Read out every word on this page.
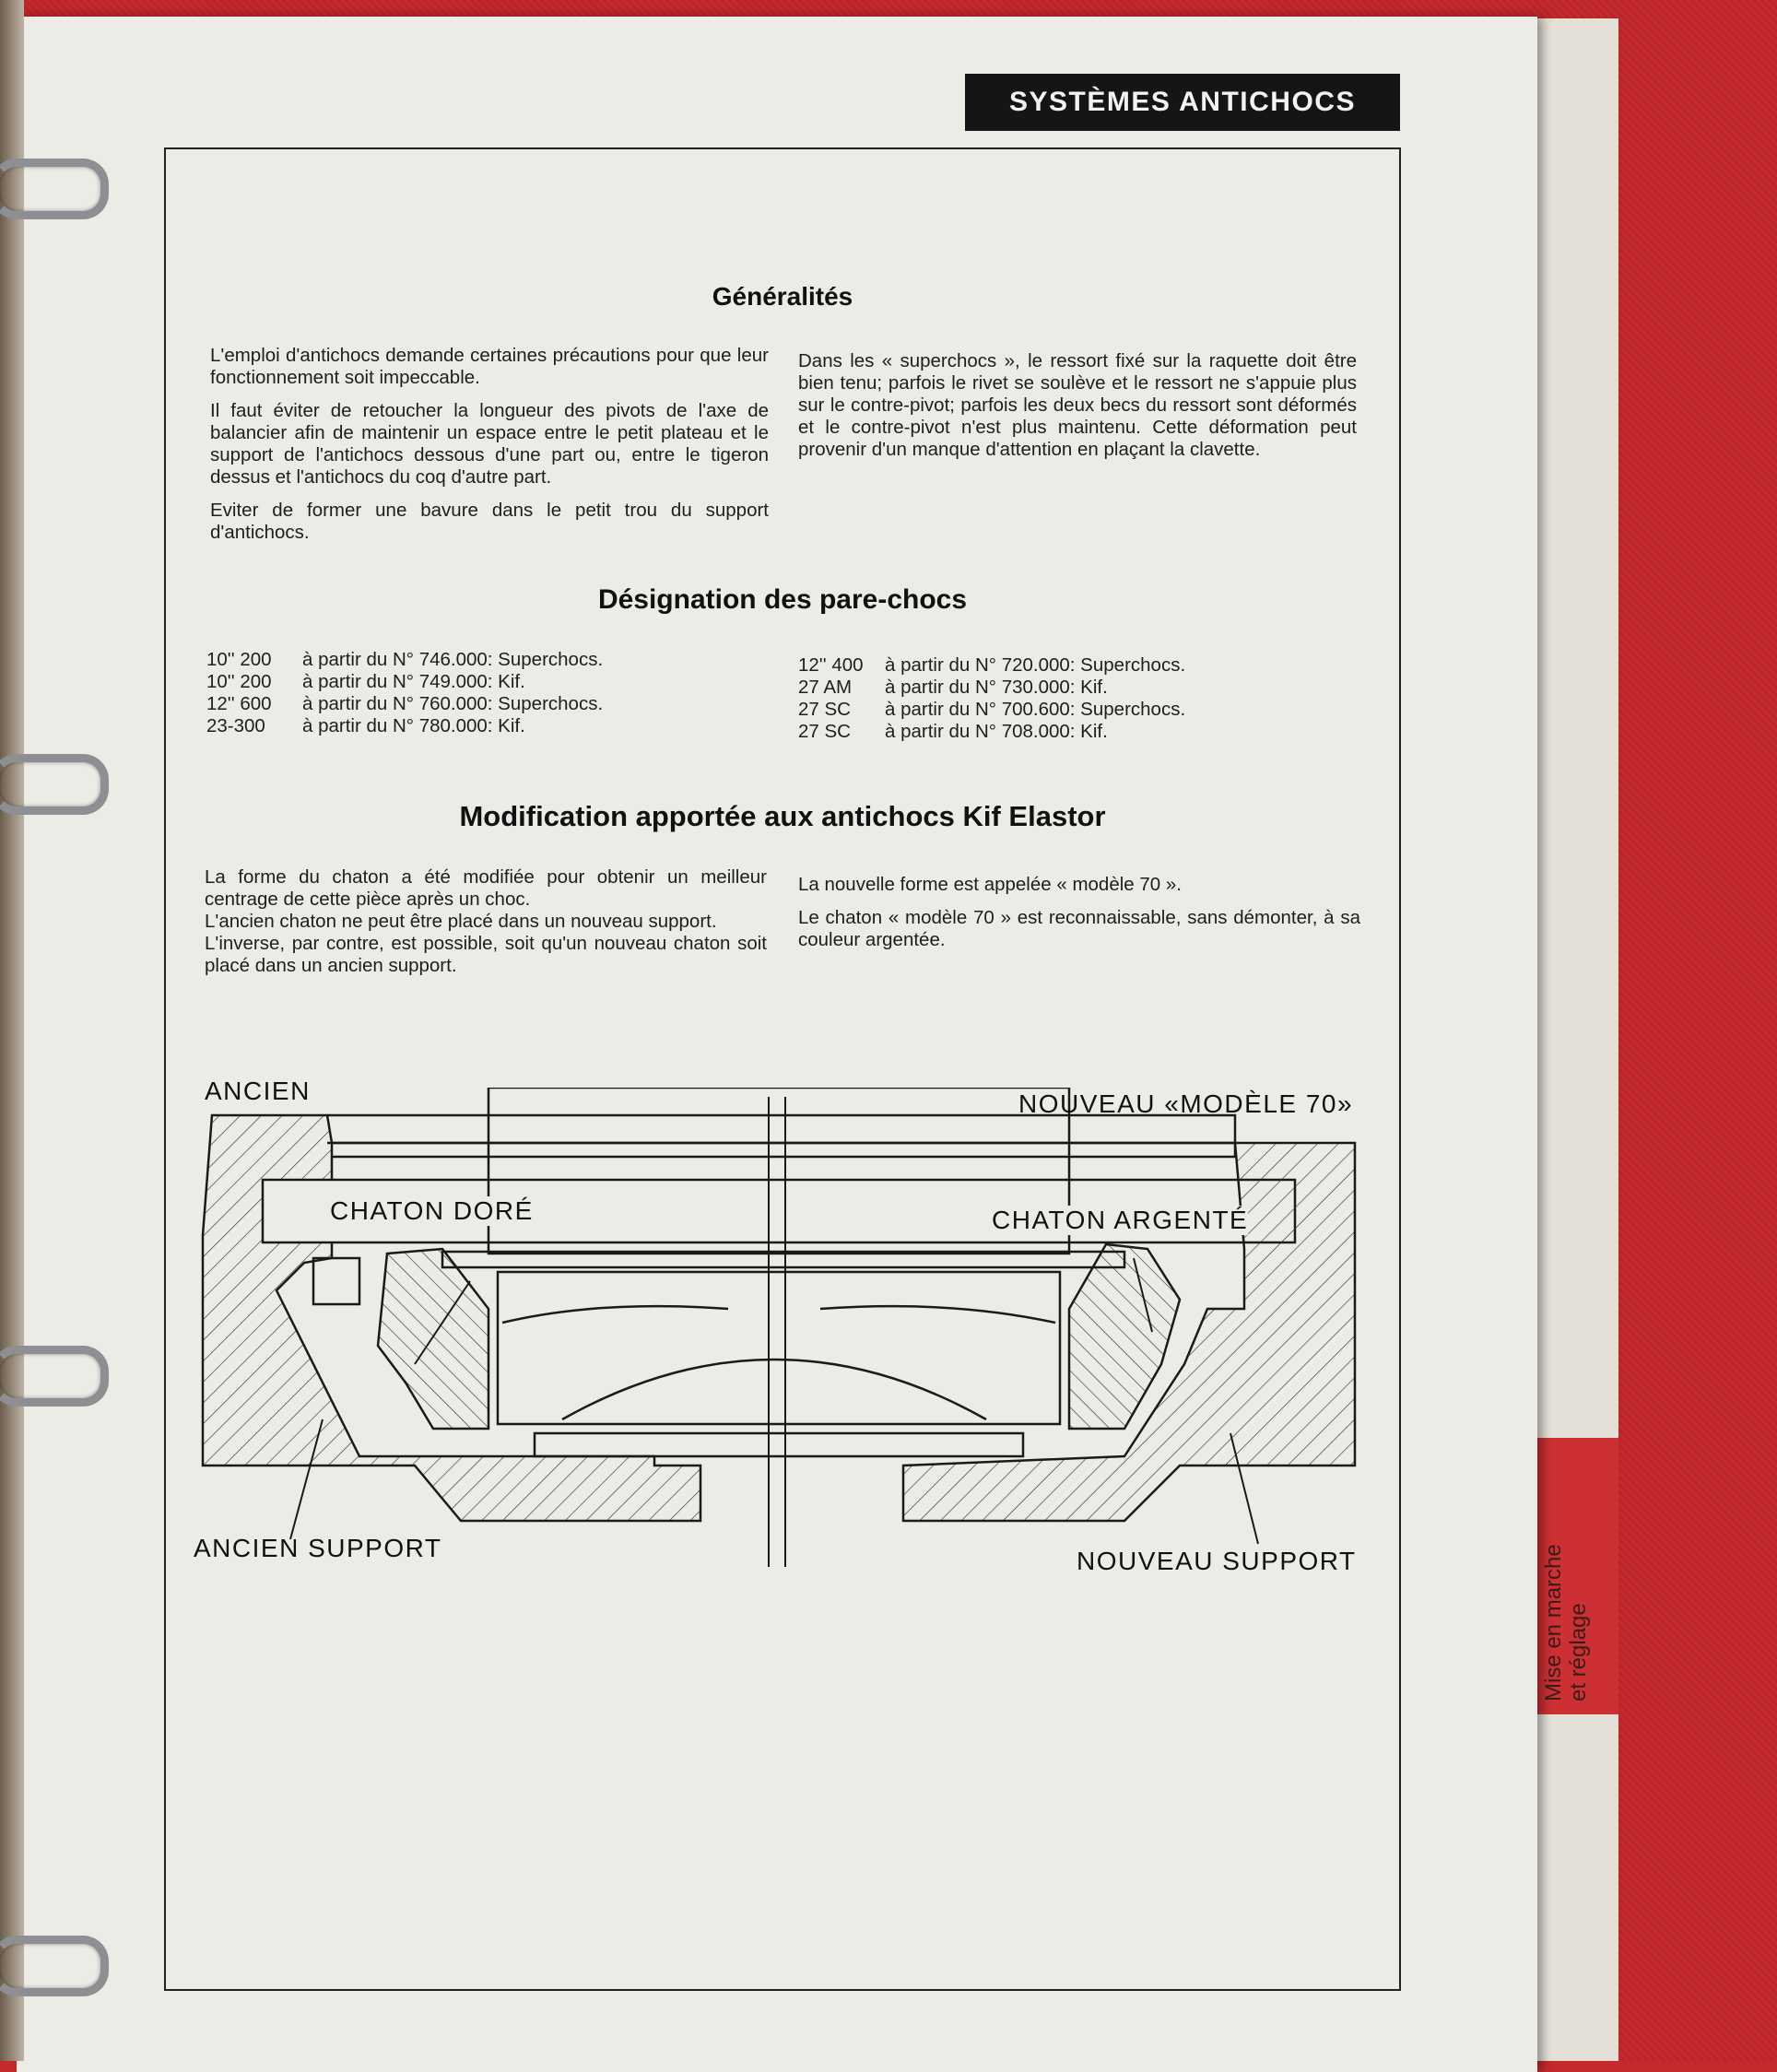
Mise en marche et réglage
SYSTÈMES ANTICHOCS
Généralités

L'emploi d'antichocs demande certaines précautions pour que leur fonctionnement soit impeccable.

Il faut éviter de retoucher la longueur des pivots de l'axe de balancier afin de maintenir un espace entre le petit plateau et le support de l'antichocs dessous d'une part ou, entre le tigeron dessus et l'antichocs du coq d'autre part.

Eviter de former une bavure dans le petit trou du support d'antichocs.

Dans les « superchocs », le ressort fixé sur la raquette doit être bien tenu; parfois le rivet se soulève et le ressort ne s'appuie plus sur le contre-pivot; parfois les deux becs du ressort sont déformés et le contre-pivot n'est plus maintenu. Cette déformation peut provenir d'un manque d'attention en plaçant la clavette.

Désignation des pare-chocs
10'' 200	à partir du N° 746.000: Superchocs.
10'' 200	à partir du N° 749.000: Kif.
12'' 600	à partir du N° 760.000: Superchocs.
23-300	à partir du N° 780.000: Kif.
12'' 400	à partir du N° 720.000: Superchocs.
27 AM	à partir du N° 730.000: Kif.
27 SC	à partir du N° 700.600: Superchocs.
27 SC	à partir du N° 708.000: Kif.
Modification apportée aux antichocs Kif Elastor
La forme du chaton a été modifiée pour obtenir un meilleur centrage de cette pièce après un choc.
L'ancien chaton ne peut être placé dans un nouveau support.
L'inverse, par contre, est possible, soit qu'un nouveau chaton soit placé dans un ancien support.

La nouvelle forme est appelée « modèle 70 ».

Le chaton « modèle 70 » est reconnaissable, sans démonter, à sa couleur argentée.

ANCIEN	NOUVEAU «MODÈLE 70»
CHATON DORÉ	CHATON ARGENTÉ
ANCIEN SUPPORT	NOUVEAU SUPPORT
